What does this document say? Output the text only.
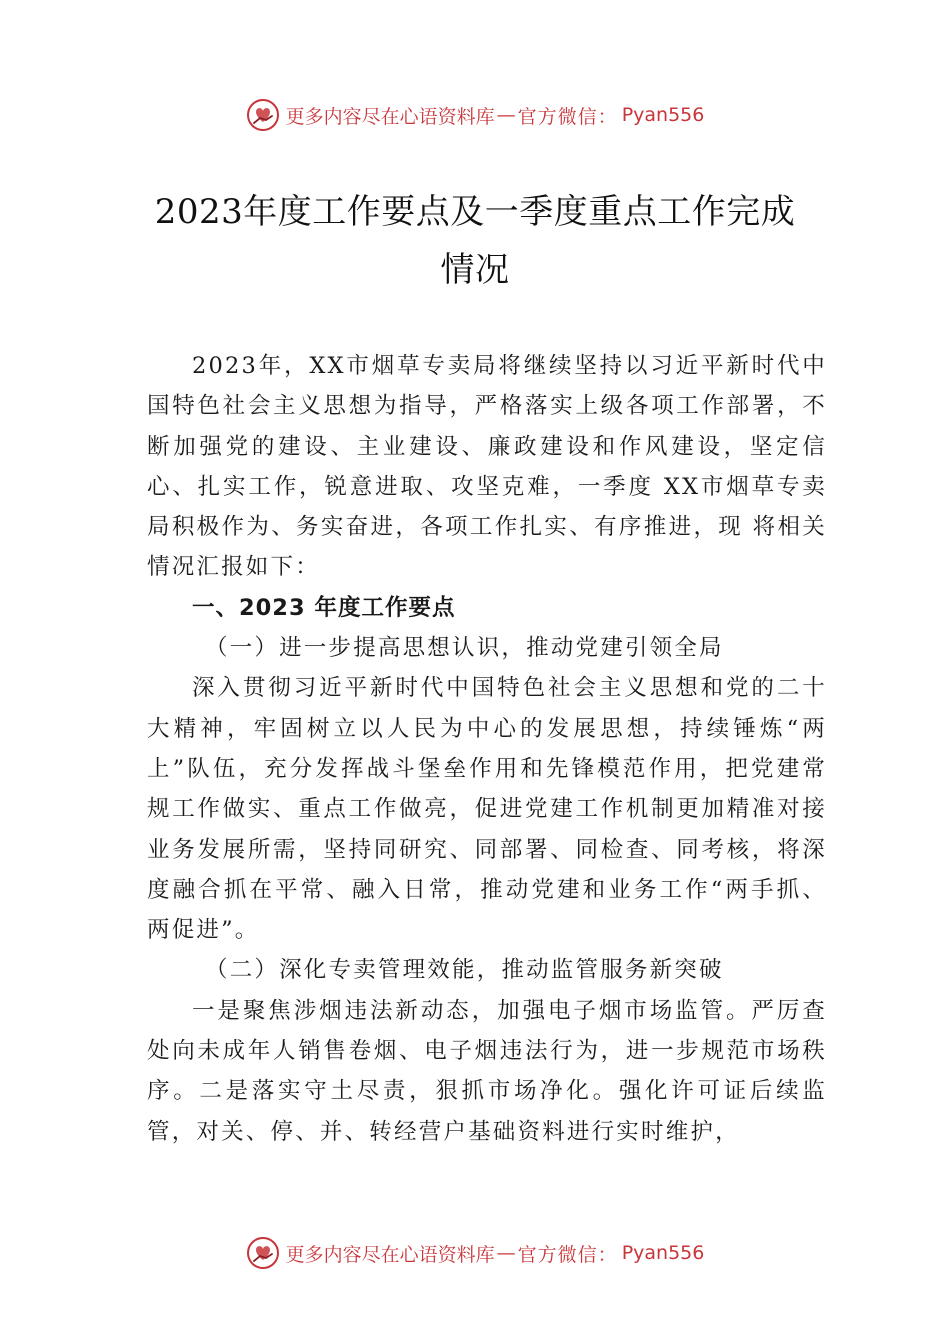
更多内容尽在心语资料库 — 官方微信： Pyan556
2023年度工作要点及一季度重点工作完成
情况

2023年，XX市烟草专卖局将继续坚持以习近平新时代中国特色社会主义思想为指导，严格落实上级各项工作部署，不断加强党的建设、主业建设、廉政建设和作风建设，坚定信心、扎实工作，锐意进取、攻坚克难，一季度 XX市烟草专卖局积极作为、务实奋进，各项工作扎实、有序推进，现 将相关情况汇报如下：

一、2023 年度工作要点

（一）进一步提高思想认识，推动党建引领全局

深入贯彻习近平新时代中国特色社会主义思想和党的二十大精神，牢固树立以人民为中心的发展思想，持续锤炼“两上”队伍，充分发挥战斗堡垒作用和先锋模范作用，把党建常规工作做实、重点工作做亮，促进党建工作机制更加精准对接业务发展所需，坚持同研究、同部署、同检查、同考核，将深度融合抓在平常、融入日常，推动党建和业务工作“两手抓、两促进”。

（二）深化专卖管理效能，推动监管服务新突破

一是聚焦涉烟违法新动态，加强电子烟市场监管。严厉查处向未成年人销售卷烟、电子烟违法行为，进一步规范市场秩序。二是落实守土尽责，狠抓市场净化。强化许可证后续监管，对关、停、并、转经营户基础资料进行实时维护，

更多内容尽在心语资料库 — 官方微信： Pyan556
